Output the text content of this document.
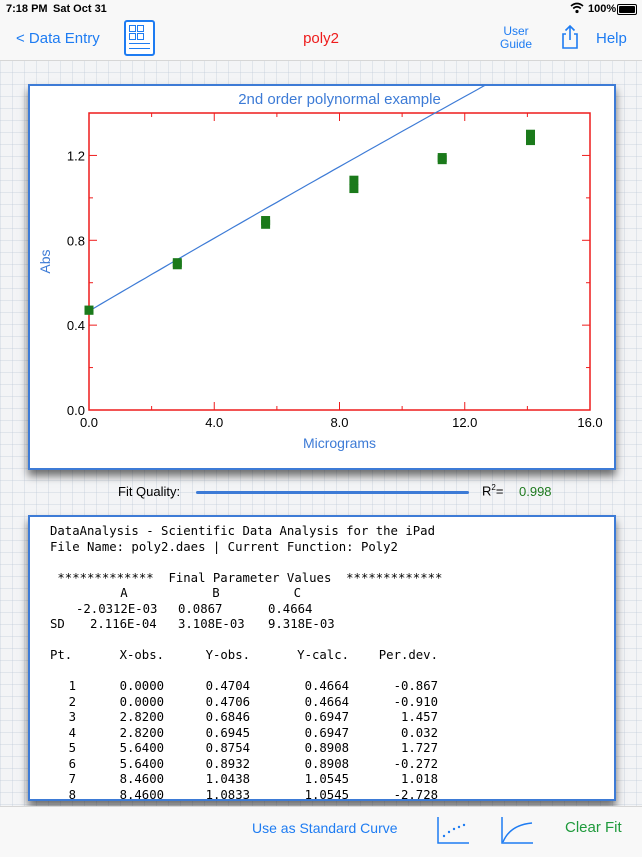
7:18 PM Sat Oct 31	100%
< Data Entry	poly2	User
Guide	Help
2nd order polynormal example
0.0	4.0	8.0	12.0	16.0
0.0
0.4
0.8
1.2
Micrograms
Abs
Fit Quality:	$R^2= 0.998$
DataAnalysis - Scientific Data Analysis for the iPad
File Name: poly2.daes | Current Function: Poly2
************* Final Parameter Values *************
	A	B	C
	-2.0312E-03	0.0867	0.4664
SD	2.116E-04	3.108E-03	9.318E-03
Pt.	X-obs.	Y-obs.	Y-calc.	Per.dev.

1	0.0000	0.4704	0.4664	-0.867
2	0.0000	0.4706	0.4664	-0.910
3	2.8200	0.6846	0.6947	1.457
4	2.8200	0.6945	0.6947	0.032
5	5.6400	0.8754	0.8908	1.727
6	5.6400	0.8932	0.8908	-0.272
7	8.4600	1.0438	1.0545	1.018
8	8.4600	1.0833	1.0545	-2.728
Use as Standard Curve	Clear Fit
